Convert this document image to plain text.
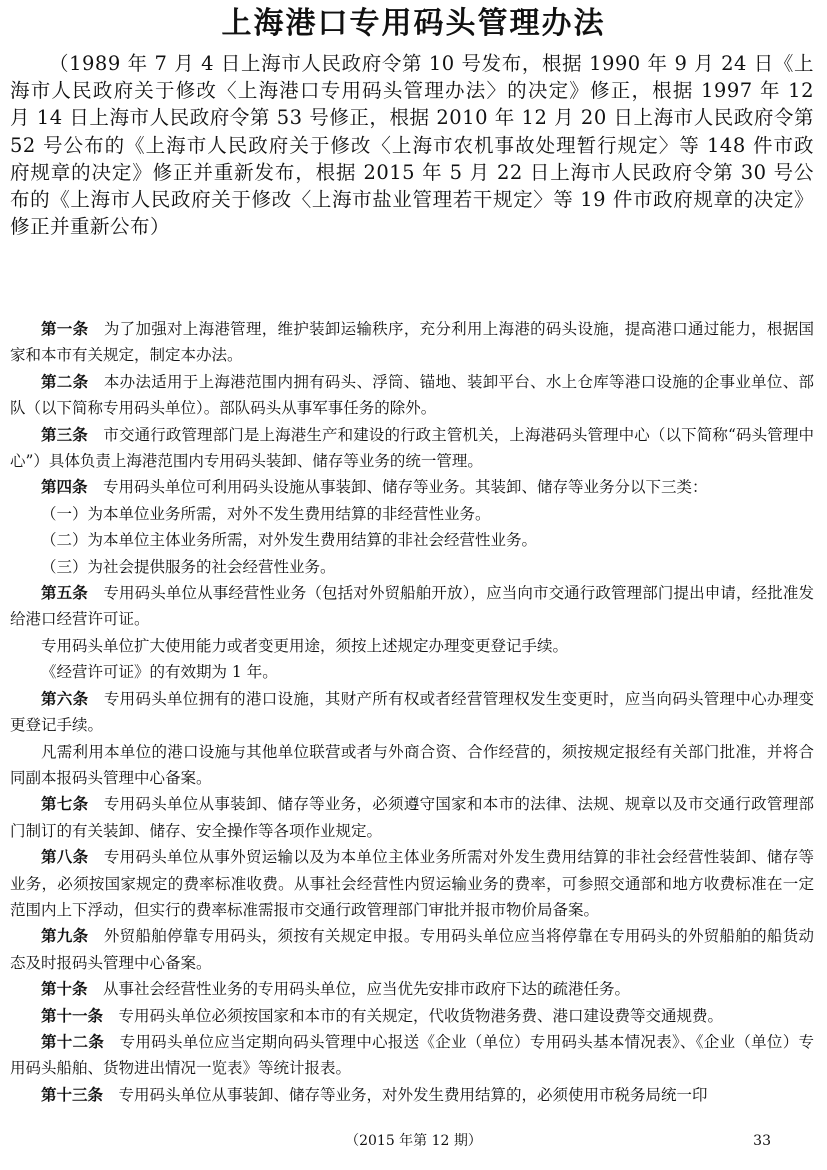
上海港口专用码头管理办法
（1989 年 7 月 4 日上海市人民政府令第 10 号发布，根据 1990 年 9 月 24 日《上海市人民政府关于修改〈上海港口专用码头管理办法〉的决定》修正，根据 1997 年 12 月 14 日上海市人民政府令第 53 号修正，根据 2010 年 12 月 20 日上海市人民政府令第 52 号公布的《上海市人民政府关于修改〈上海市农机事故处理暂行规定〉等 148 件市政府规章的决定》修正并重新发布，根据 2015 年 5 月 22 日上海市人民政府令第 30 号公布的《上海市人民政府关于修改〈上海市盐业管理若干规定〉等 19 件市政府规章的决定》修正并重新公布）

第一条 为了加强对上海港管理，维护装卸运输秩序，充分利用上海港的码头设施，提高港口通过能力，根据国家和本市有关规定，制定本办法。

第二条 本办法适用于上海港范围内拥有码头、浮筒、锚地、装卸平台、水上仓库等港口设施的企事业单位、部队（以下简称专用码头单位）。部队码头从事军事任务的除外。

第三条 市交通行政管理部门是上海港生产和建设的行政主管机关，上海港码头管理中心（以下简称“码头管理中心”）具体负责上海港范围内专用码头装卸、储存等业务的统一管理。

第四条 专用码头单位可利用码头设施从事装卸、储存等业务。其装卸、储存等业务分以下三类：

（一）为本单位业务所需，对外不发生费用结算的非经营性业务。

（二）为本单位主体业务所需，对外发生费用结算的非社会经营性业务。

（三）为社会提供服务的社会经营性业务。

第五条 专用码头单位从事经营性业务（包括对外贸船舶开放），应当向市交通行政管理部门提出申请，经批准发给港口经营许可证。

专用码头单位扩大使用能力或者变更用途，须按上述规定办理变更登记手续。

《经营许可证》的有效期为 1 年。

第六条 专用码头单位拥有的港口设施，其财产所有权或者经营管理权发生变更时，应当向码头管理中心办理变更登记手续。

凡需利用本单位的港口设施与其他单位联营或者与外商合资、合作经营的，须按规定报经有关部门批准，并将合同副本报码头管理中心备案。

第七条 专用码头单位从事装卸、储存等业务，必须遵守国家和本市的法律、法规、规章以及市交通行政管理部门制订的有关装卸、储存、安全操作等各项作业规定。

第八条 专用码头单位从事外贸运输以及为本单位主体业务所需对外发生费用结算的非社会经营性装卸、储存等业务，必须按国家规定的费率标准收费。从事社会经营性内贸运输业务的费率，可参照交通部和地方收费标准在一定范围内上下浮动，但实行的费率标准需报市交通行政管理部门审批并报市物价局备案。

第九条 外贸船舶停靠专用码头，须按有关规定申报。专用码头单位应当将停靠在专用码头的外贸船舶的船货动态及时报码头管理中心备案。

第十条 从事社会经营性业务的专用码头单位，应当优先安排市政府下达的疏港任务。

第十一条 专用码头单位必须按国家和本市的有关规定，代收货物港务费、港口建设费等交通规费。

第十二条 专用码头单位应当定期向码头管理中心报送《企业（单位）专用码头基本情况表》、《企业（单位）专用码头船舶、货物进出情况一览表》等统计报表。

第十三条 专用码头单位从事装卸、储存等业务，对外发生费用结算的，必须使用市税务局统一印

（2015 年第 12 期）	33
